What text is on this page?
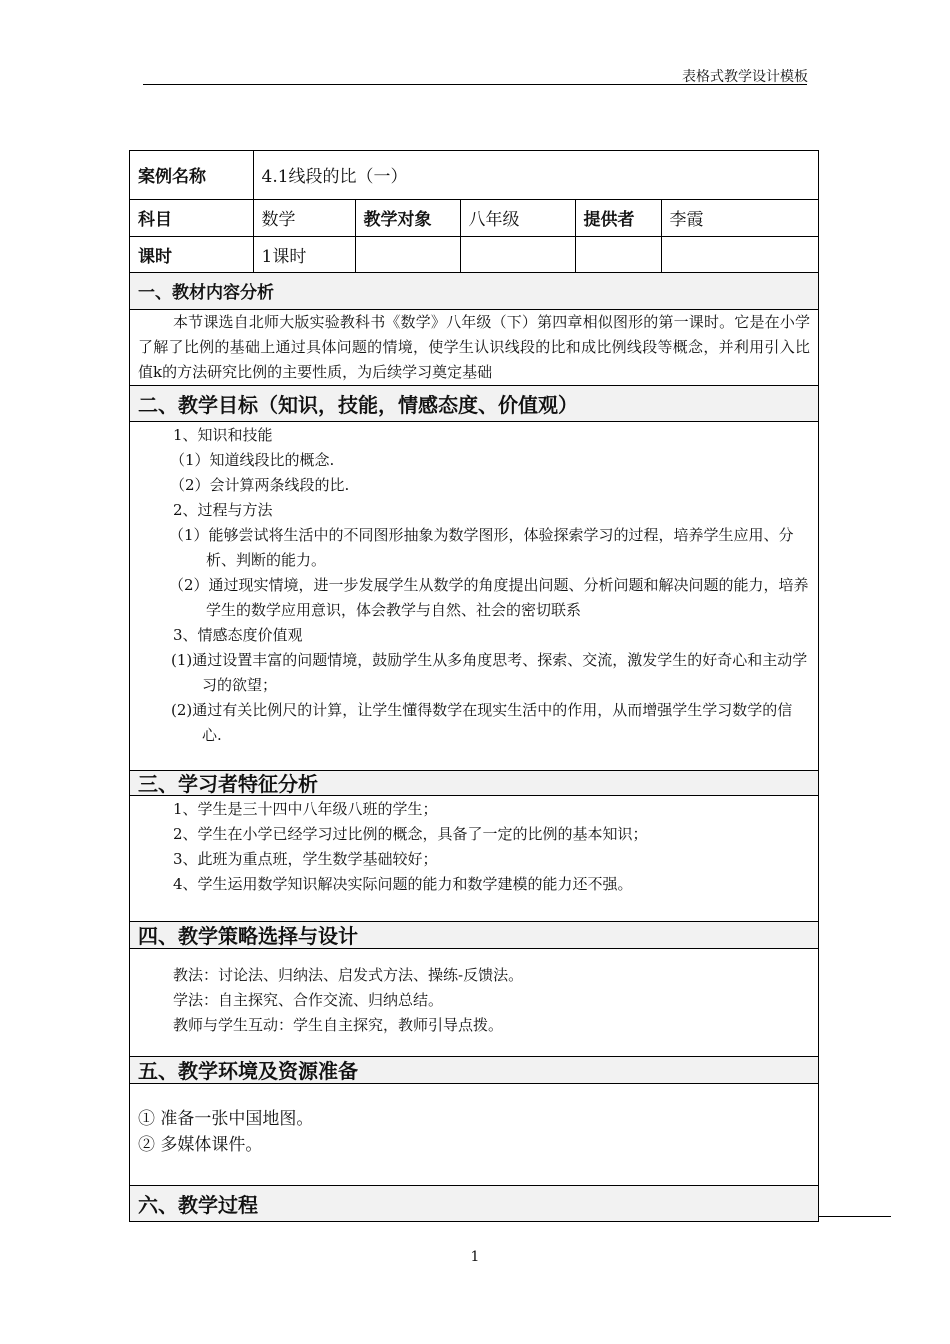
表格式教学设计模板
案例名称	4.1线段的比（一）				
科目	数学	教学对象	八年级	提供者	李霞
课时	1课时				
一、教材内容分析

本节课选自北师大版实验教科书《数学》八年级（下）第四章相似图形的第一课时。它是在小学了解了比例的基础上通过具体问题的情境，使学生认识线段的比和成比例线段等概念，并利用引入比值k的方法研究比例的主要性质，为后续学习奠定基础

二、教学目标（知识，技能，情感态度、价值观）

1、知识和技能

（1）知道线段比的概念.

（2）会计算两条线段的比.

2、过程与方法

（1）能够尝试将生活中的不同图形抽象为数学图形，体验探索学习的过程，培养学生应用、分析、判断的能力。

（2）通过现实情境，进一步发展学生从数学的角度提出问题、分析问题和解决问题的能力，培养学生的数学应用意识，体会教学与自然、社会的密切联系

3、情感态度价值观

(1)通过设置丰富的问题情境，鼓励学生从多角度思考、探索、交流，激发学生的好奇心和主动学习的欲望；

(2)通过有关比例尺的计算，让学生懂得数学在现实生活中的作用，从而增强学生学习数学的信心.

三、学习者特征分析

1、学生是三十四中八年级八班的学生；

2、学生在小学已经学习过比例的概念，具备了一定的比例的基本知识；

3、此班为重点班，学生数学基础较好；

4、学生运用数学知识解决实际问题的能力和数学建模的能力还不强。

四、教学策略选择与设计

教法：讨论法、归纳法、启发式方法、操练-反馈法。

学法：自主探究、合作交流、归纳总结。

教师与学生互动：学生自主探究，教师引导点拨。

五、教学环境及资源准备

① 准备一张中国地图。

② 多媒体课件。

六、教学过程
1
